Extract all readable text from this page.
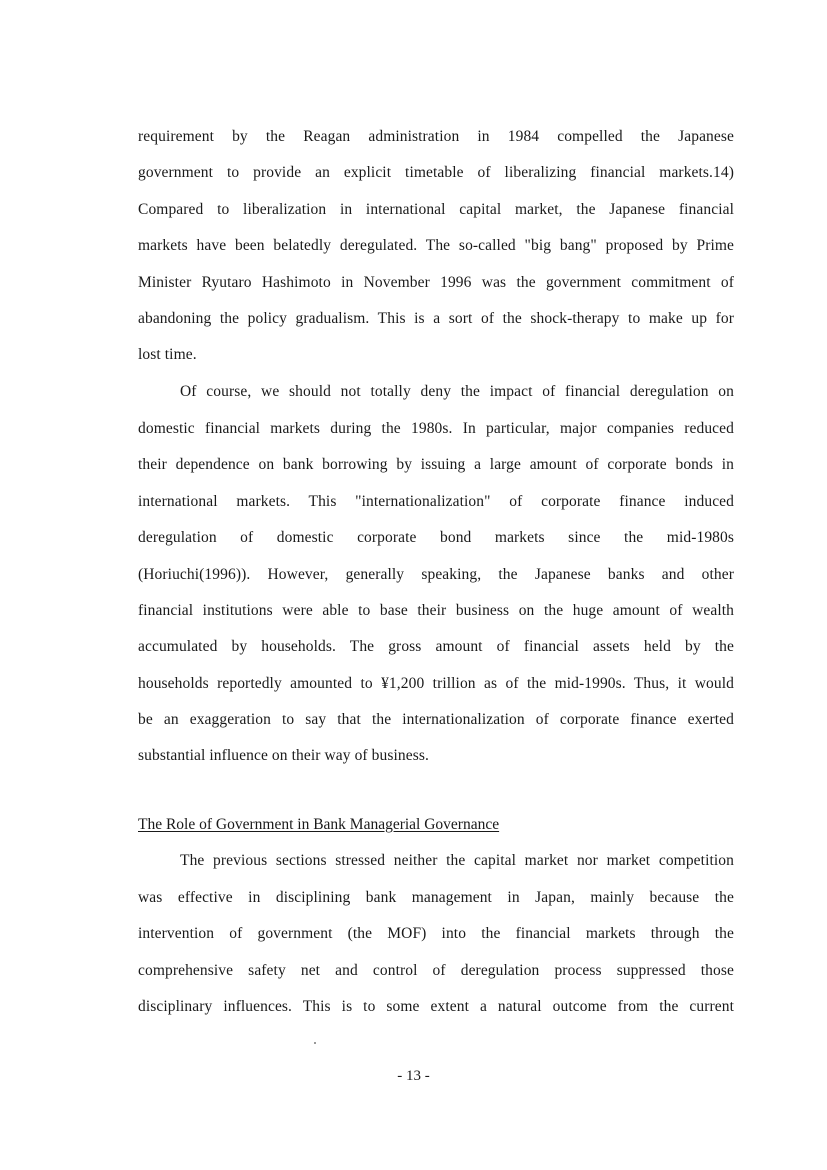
requirement by the Reagan administration in 1984 compelled the Japanese
government to provide an explicit timetable of liberalizing financial markets.14)
Compared to liberalization in international capital market, the Japanese financial
markets have been belatedly deregulated. The so-called "big bang" proposed by Prime
Minister Ryutaro Hashimoto in November 1996 was the government commitment of
abandoning the policy gradualism. This is a sort of the shock-therapy to make up for
lost time.
Of course, we should not totally deny the impact of financial deregulation on
domestic financial markets during the 1980s. In particular, major companies reduced
their dependence on bank borrowing by issuing a large amount of corporate bonds in
international markets. This "internationalization" of corporate finance induced
deregulation of domestic corporate bond markets since the mid-1980s
(Horiuchi(1996)). However, generally speaking, the Japanese banks and other
financial institutions were able to base their business on the huge amount of wealth
accumulated by households. The gross amount of financial assets held by the
households reportedly amounted to ¥1,200 trillion as of the mid-1990s. Thus, it would
be an exaggeration to say that the internationalization of corporate finance exerted
substantial influence on their way of business.
The Role of Government in Bank Managerial Governance
The previous sections stressed neither the capital market nor market competition
was effective in disciplining bank management in Japan, mainly because the
intervention of government (the MOF) into the financial markets through the
comprehensive safety net and control of deregulation process suppressed those
disciplinary influences. This is to some extent a natural outcome from the current
- 13 -
